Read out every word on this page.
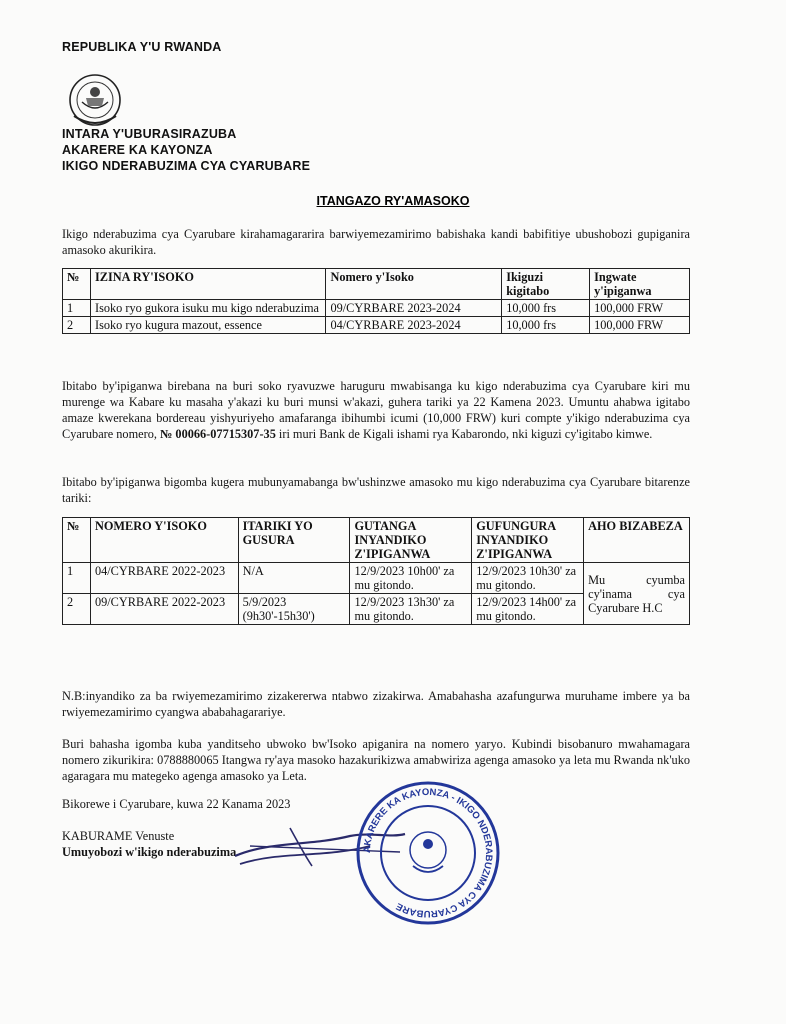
REPUBLIKA Y'U RWANDA
INTARA Y'UBURASIRAZUBA
AKARERE KA KAYONZA
IKIGO NDERABUZIMA CYA CYARUBARE
ITANGAZO RY'AMASOKO
Ikigo nderabuzima cya Cyarubare kirahamagararira barwiyemezamirimo babishaka kandi babifitiye ubushobozi gupiganira amasoko akurikira.
№	IZINA RY'ISOKO	Nomero y'Isoko	Ikiguzi kigitabo	Ingwate y'ipiganwa
1	Isoko ryo gukora isuku mu kigo nderabuzima	09/CYRBARE 2023-2024	10,000 frs	100,000 FRW
2	Isoko ryo kugura mazout, essence	04/CYRBARE 2023-2024	10,000 frs	100,000 FRW
Ibitabo by'ipiganwa birebana na buri soko ryavuzwe haruguru mwabisanga ku kigo nderabuzima cya Cyarubare kiri mu murenge wa Kabare ku masaha y'akazi ku buri munsi w'akazi, guhera tariki ya 22 Kamena 2023. Umuntu ahabwa igitabo amaze kwerekana bordereau yishyuriyeho amafaranga ibihumbi icumi (10,000 FRW) kuri compte y'ikigo nderabuzima cya Cyarubare nomero, № 00066-07715307-35 iri muri Bank de Kigali ishami rya Kabarondo, nki kiguzi cy'igitabo kimwe.
Ibitabo by'ipiganwa bigomba kugera mubunyamabanga bw'ushinzwe amasoko mu kigo nderabuzima cya Cyarubare bitarenze tariki:
№	NOMERO Y'ISOKO	ITARIKI YO GUSURA	GUTANGA INYANDIKO Z'IPIGANWA	GUFUNGURA INYANDIKO Z'IPIGANWA	AHO BIZABEZA
1	04/CYRBARE 2022-2023	N/A	12/9/2023 10h00' za mu gitondo.	12/9/2023 10h30' za mu gitondo.	Mu cyumba cy'inama cya Cyarubare H.C
2	09/CYRBARE 2022-2023	5/9/2023 (9h30'-15h30')	12/9/2023 13h30' za mu gitondo.	12/9/2023 14h00' za mu gitondo.	
N.B:inyandiko za ba rwiyemezamirimo zizakererwa ntabwo zizakirwa. Amabahasha azafungurwa muruhame imbere ya ba rwiyemezamirimo cyangwa ababahagarariye.
Buri bahasha igomba kuba yanditseho ubwoko bw'Isoko apiganira na nomero yaryo. Kubindi bisobanuro mwahamagara nomero zikurikira: 0788880065 Itangwa ry'aya masoko hazakurikizwa amabwiriza agenga amasoko ya leta mu Rwanda nk'uko agaragara mu mategeko agenga amasoko ya Leta.
Bikorewe i Cyarubare, kuwa 22 Kanama 2023
KABURAME Venuste
Umuyobozi w'ikigo nderabuzima	AKARERE KA KAYONZA - IKIGO NDERABUZIMA CYA CYARUBARE
